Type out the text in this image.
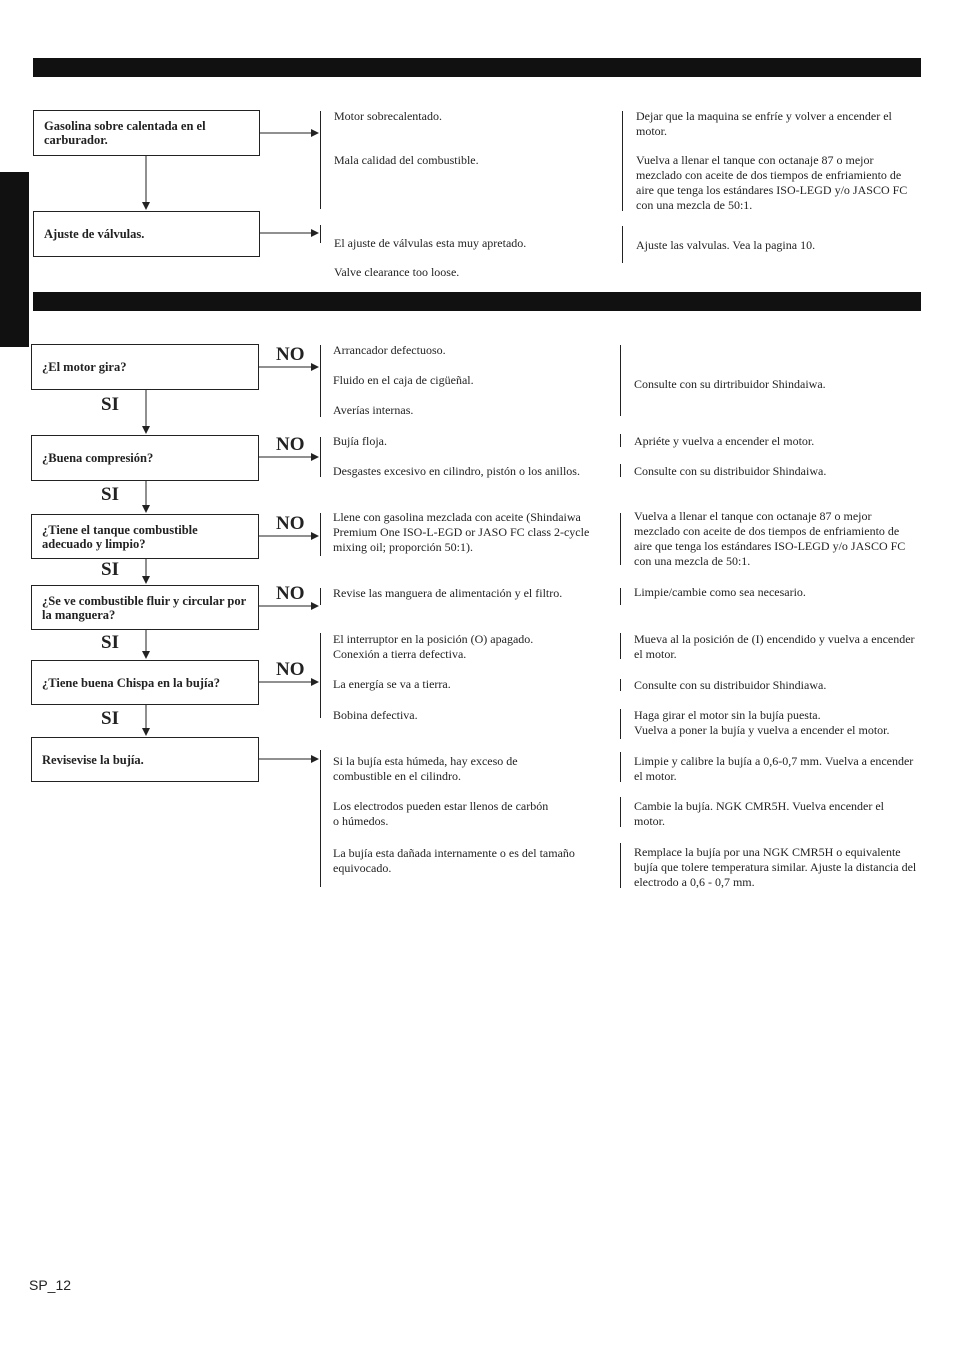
Gasolina sobre calentada en el carburador.
Ajuste de válvulas.
Motor sobrecalentado.
Mala calidad del combustible.
El ajuste de válvulas esta muy apretado.
Valve clearance too loose.
Dejar que la maquina se enfríe y volver a encender el motor.
Vuelva a llenar el tanque con octanaje 87 o mejor mezclado con aceite de dos tiempos de enfriamiento de aire que tenga los estándares ISO-LEGD y/o JASCO FC con una mezcla de 50:1.
Ajuste las valvulas. Vea la pagina 10.
¿El motor gira?
¿Buena compresión?
¿Tiene el tanque combustible adecuado y limpio?
¿Se ve combustible fluir y circular por la manguera?
¿Tiene buena Chispa en la bujía?
Revisevise la bujía.
NO
NO
NO
NO
NO
SI
SI
SI
SI
SI
Arrancador defectuoso.
Fluido en el caja de cigüeñal.
Averías internas.
Bujía floja.
Desgastes excesivo en cilindro, pistón o los anillos.
Llene con gasolina mezclada con aceite (Shindaiwa Premium One ISO-L-EGD or JASO FC class 2-cycle mixing oil; proporción 50:1).
Revise las manguera de alimentación y el filtro.
El interruptor en la posición (O) apagado.
Conexión a tierra defectiva.
La energía se va a tierra.
Bobina defectiva.
Si la bujía esta húmeda, hay exceso de combustible en el cilindro.
Los electrodos pueden estar llenos de carbón o húmedos.
La bujía esta dañada internamente o es del tamaño equivocado.
Consulte con su dirtribuidor Shindaiwa.
Apriéte y vuelva a encender el motor.
Consulte con su distribuidor Shindaiwa.
Vuelva a llenar el tanque con octanaje 87 o mejor mezclado con aceite de dos tiempos de enfriamiento de aire que tenga los estándares ISO-LEGD y/o JASCO FC con una mezcla de 50:1.
Limpie/cambie como sea necesario.
Mueva al la posición de (I) encendido y vuelva a encender el motor.
Consulte con su distribuidor Shindiawa.
Haga girar el motor sin la bujía puesta.
Vuelva a poner la bujía y vuelva a encender el motor.
Limpie y calibre la bujía a 0,6-0,7 mm. Vuelva a encender el motor.
Cambie la bujía. NGK CMR5H. Vuelva encender el motor.
Remplace la bujía por una NGK CMR5H o equivalente bujía que tolere temperatura similar. Ajuste la distancia del electrodo a 0,6 - 0,7 mm.
SP_12
